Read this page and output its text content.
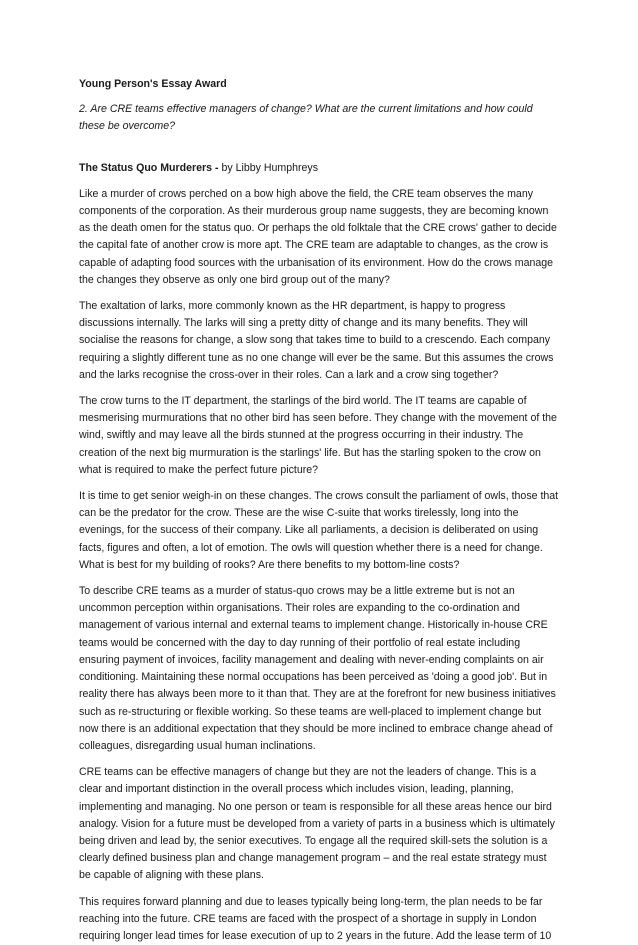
Young Person's Essay Award
2. Are CRE teams effective managers of change? What are the current limitations and how could these be overcome?
The Status Quo Murderers - by Libby Humphreys

Like a murder of crows perched on a bow high above the field, the CRE team observes the many components of the corporation. As their murderous group name suggests, they are becoming known as the death omen for the status quo. Or perhaps the old folktale that the CRE crows' gather to decide the capital fate of another crow is more apt. The CRE team are adaptable to changes, as the crow is capable of adapting food sources with the urbanisation of its environment. How do the crows manage the changes they observe as only one bird group out of the many?

The exaltation of larks, more commonly known as the HR department, is happy to progress discussions internally. The larks will sing a pretty ditty of change and its many benefits. They will socialise the reasons for change, a slow song that takes time to build to a crescendo. Each company requiring a slightly different tune as no one change will ever be the same. But this assumes the crows and the larks recognise the cross-over in their roles. Can a lark and a crow sing together?

The crow turns to the IT department, the starlings of the bird world. The IT teams are capable of mesmerising murmurations that no other bird has seen before. They change with the movement of the wind, swiftly and may leave all the birds stunned at the progress occurring in their industry. The creation of the next big murmuration is the starlings' life. But has the starling spoken to the crow on what is required to make the perfect future picture?

It is time to get senior weigh-in on these changes. The crows consult the parliament of owls, those that can be the predator for the crow. These are the wise C-suite that works tirelessly, long into the evenings, for the success of their company. Like all parliaments, a decision is deliberated on using facts, figures and often, a lot of emotion. The owls will question whether there is a need for change. What is best for my building of rooks? Are there benefits to my bottom-line costs?

To describe CRE teams as a murder of status-quo crows may be a little extreme but is not an uncommon perception within organisations. Their roles are expanding to the co-ordination and management of various internal and external teams to implement change. Historically in-house CRE teams would be concerned with the day to day running of their portfolio of real estate including ensuring payment of invoices, facility management and dealing with never-ending complaints on air conditioning. Maintaining these normal occupations has been perceived as 'doing a good job'. But in reality there has always been more to it than that. They are at the forefront for new business initiatives such as re-structuring or flexible working. So these teams are well-placed to implement change but now there is an additional expectation that they should be more inclined to embrace change ahead of colleagues, disregarding usual human inclinations.

CRE teams can be effective managers of change but they are not the leaders of change. This is a clear and important distinction in the overall process which includes vision, leading, planning, implementing and managing. No one person or team is responsible for all these areas hence our bird analogy. Vision for a future must be developed from a variety of parts in a business which is ultimately being driven and lead by, the senior executives. To engage all the required skill-sets the solution is a clearly defined business plan and change management program – and the real estate strategy must be capable of aligning with these plans.

This requires forward planning and due to leases typically being long-term, the plan needs to be far reaching into the future. CRE teams are faced with the prospect of a shortage in supply in London requiring longer lead times for lease execution of up to 2 years in the future. Add the lease term of 10
